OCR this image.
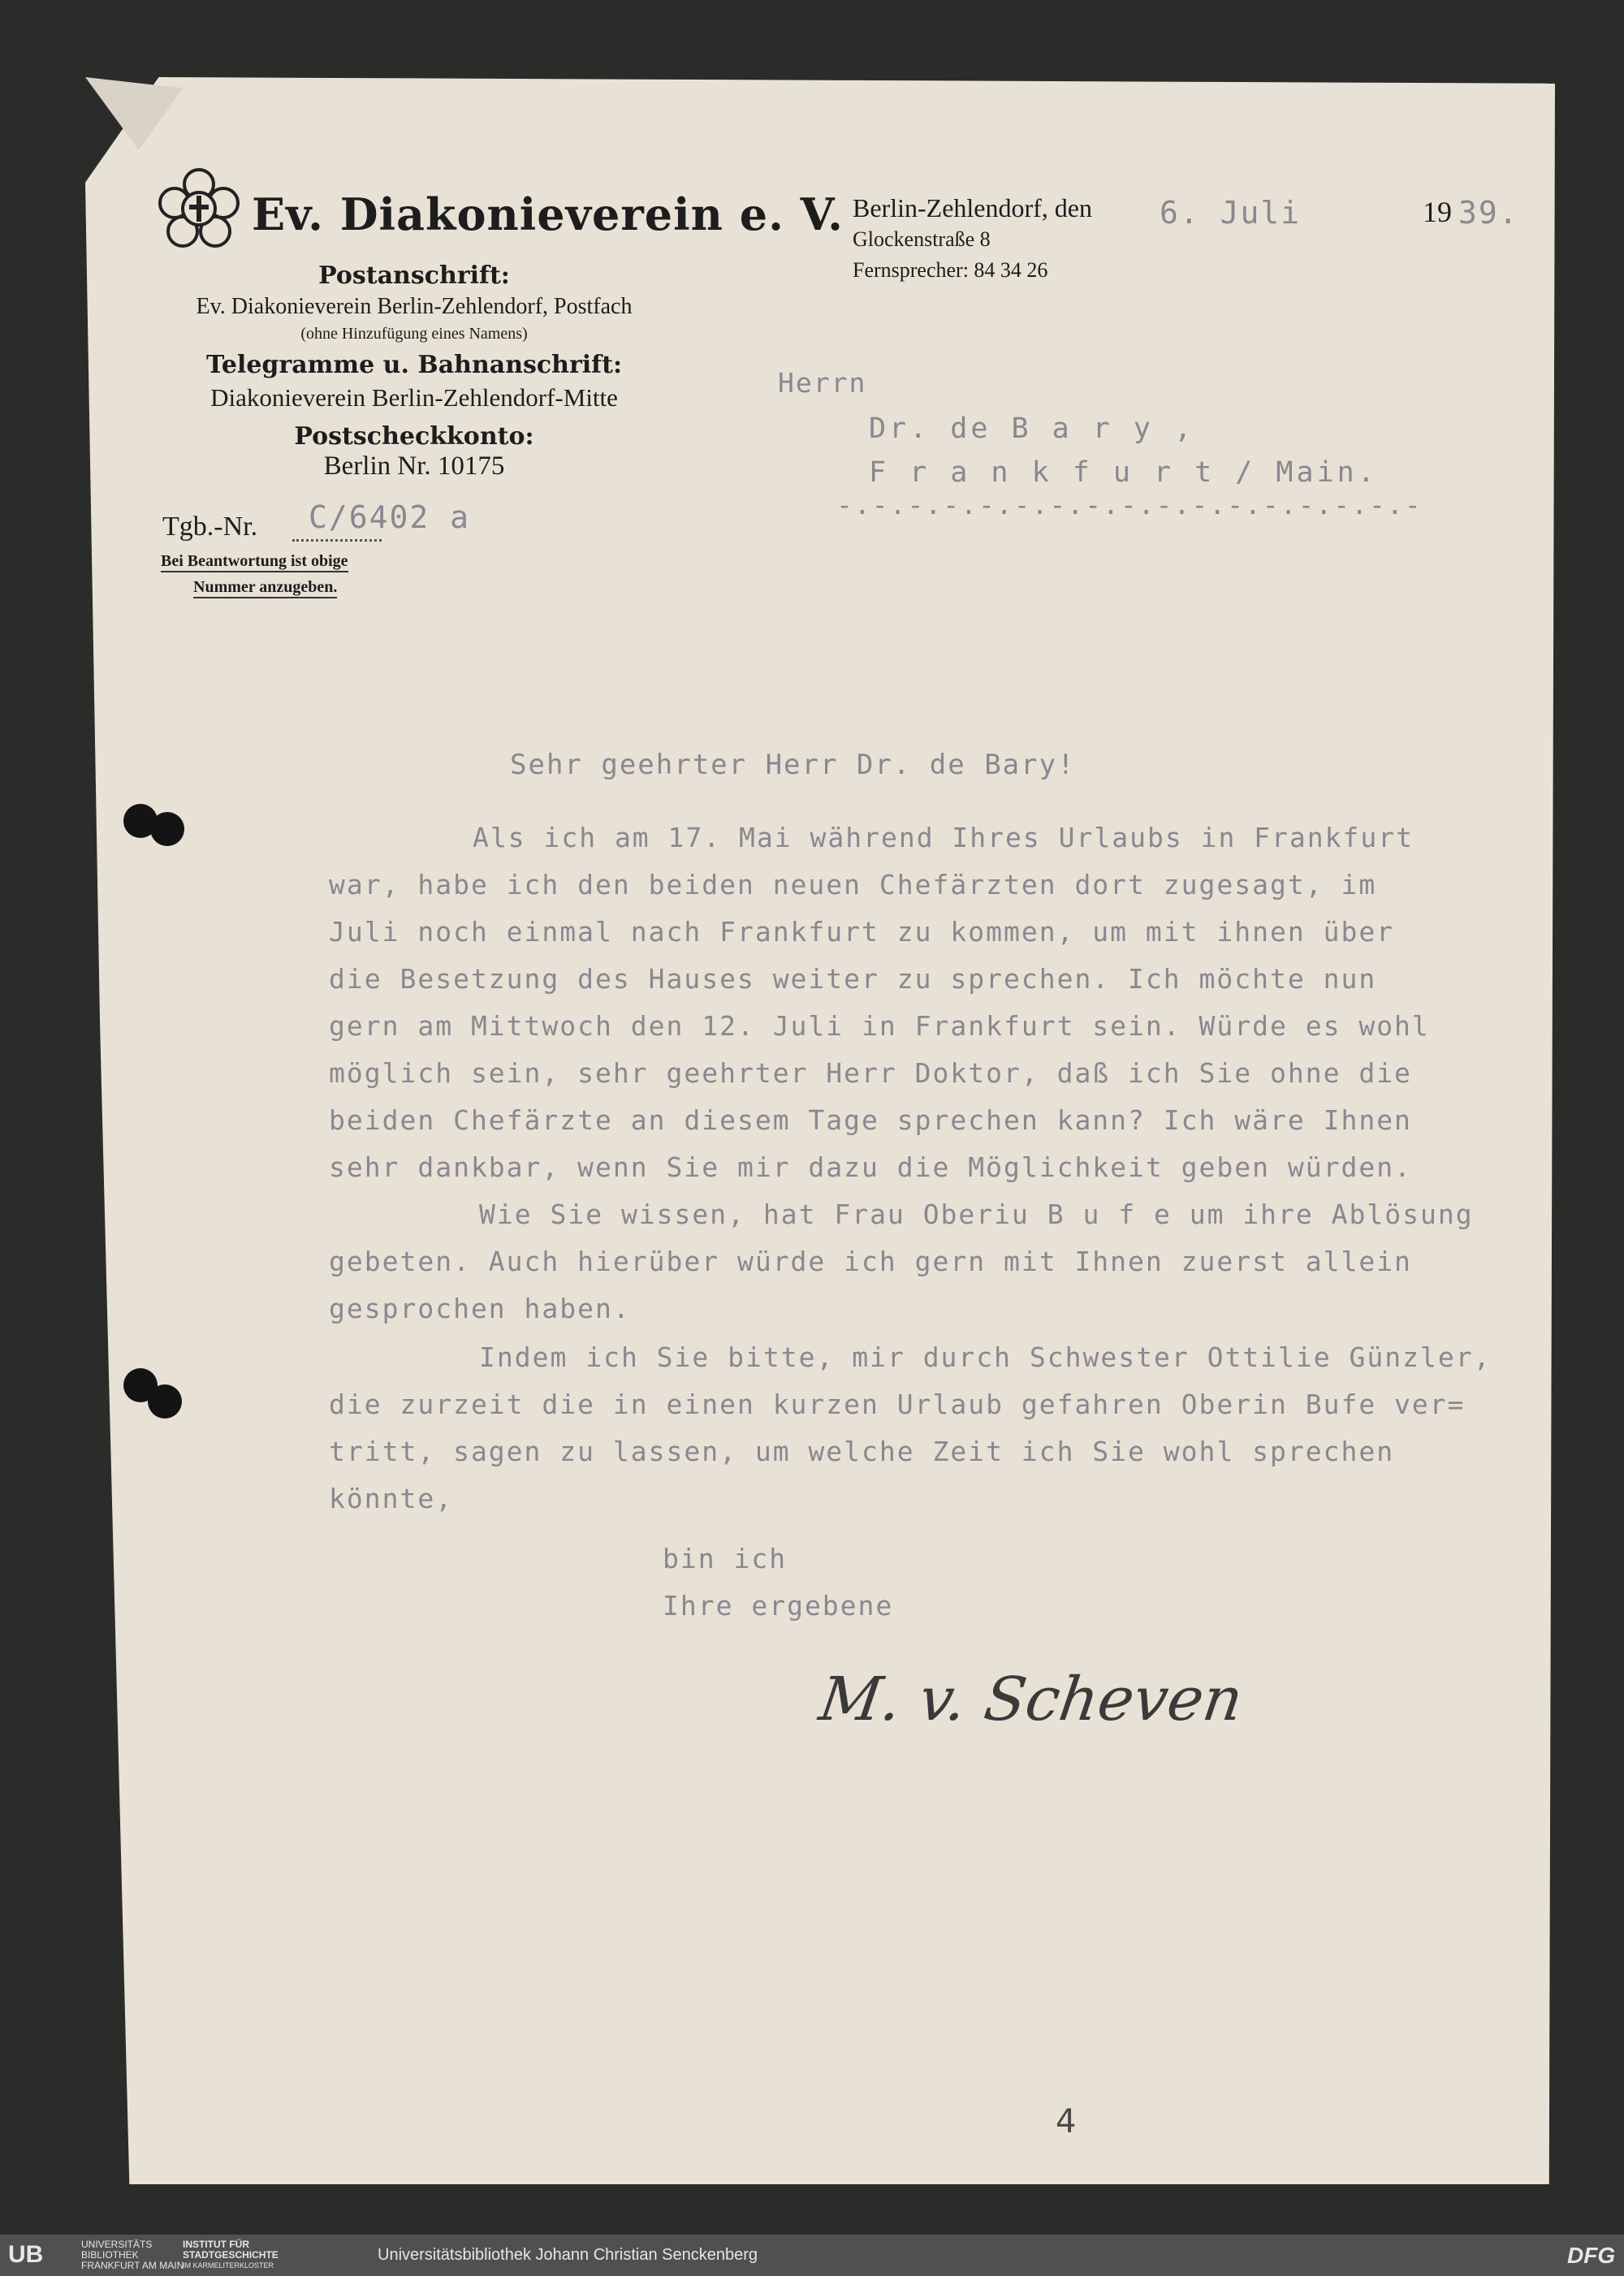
Ev. Diakonieverein e. V.
Postanschrift:
Ev. Diakonieverein Berlin-Zehlendorf, Postfach
(ohne Hinzufügung eines Namens)
Telegramme u. Bahnanschrift:
Diakonieverein Berlin-Zehlendorf-Mitte
Postscheckkonto:
Berlin Nr. 10175
Tgb.-Nr. C/6402 a
Bei Beantwortung ist obige
Nummer anzugeben.
Berlin-Zehlendorf, den
Glockenstraße 8
Fernsprecher: 84 34 26
6. Juli	19 39.
Herrn
Dr. de B a r y ,
F r a n k f u r t / Main.
-.-.-.-.-.-.-.-.-.-.-.-.-.-.-.-.-
Sehr geehrter Herr Dr. de Bary!
Als ich am 17. Mai während Ihres Urlaubs in Frankfurt
war, habe ich den beiden neuen Chefärzten dort zugesagt, im
Juli noch einmal nach Frankfurt zu kommen, um mit ihnen über
die Besetzung des Hauses weiter zu sprechen. Ich möchte nun
gern am Mittwoch den 12. Juli in Frankfurt sein. Würde es wohl
möglich sein, sehr geehrter Herr Doktor, daß ich Sie ohne die
beiden Chefärzte an diesem Tage sprechen kann? Ich wäre Ihnen
sehr dankbar, wenn Sie mir dazu die Möglichkeit geben würden.
Wie Sie wissen, hat Frau Oberiu B u f e um ihre Ablösung
gebeten. Auch hierüber würde ich gern mit Ihnen zuerst allein
gesprochen haben.
Indem ich Sie bitte, mir durch Schwester Ottilie Günzler,
die zurzeit die in einen kurzen Urlaub gefahren Oberin Bufe ver=
tritt, sagen zu lassen, um welche Zeit ich Sie wohl sprechen
könnte,
bin ich
Ihre ergebene
M. v. Scheven
4
UB	UNIVERSITÄTS
BIBLIOTHEK
FRANKFURT AM MAIN
INSTITUT FÜR
STADTGESCHICHTE
IM KARMELITERKLOSTER
Universitätsbibliothek Johann Christian Senckenberg	DFG
